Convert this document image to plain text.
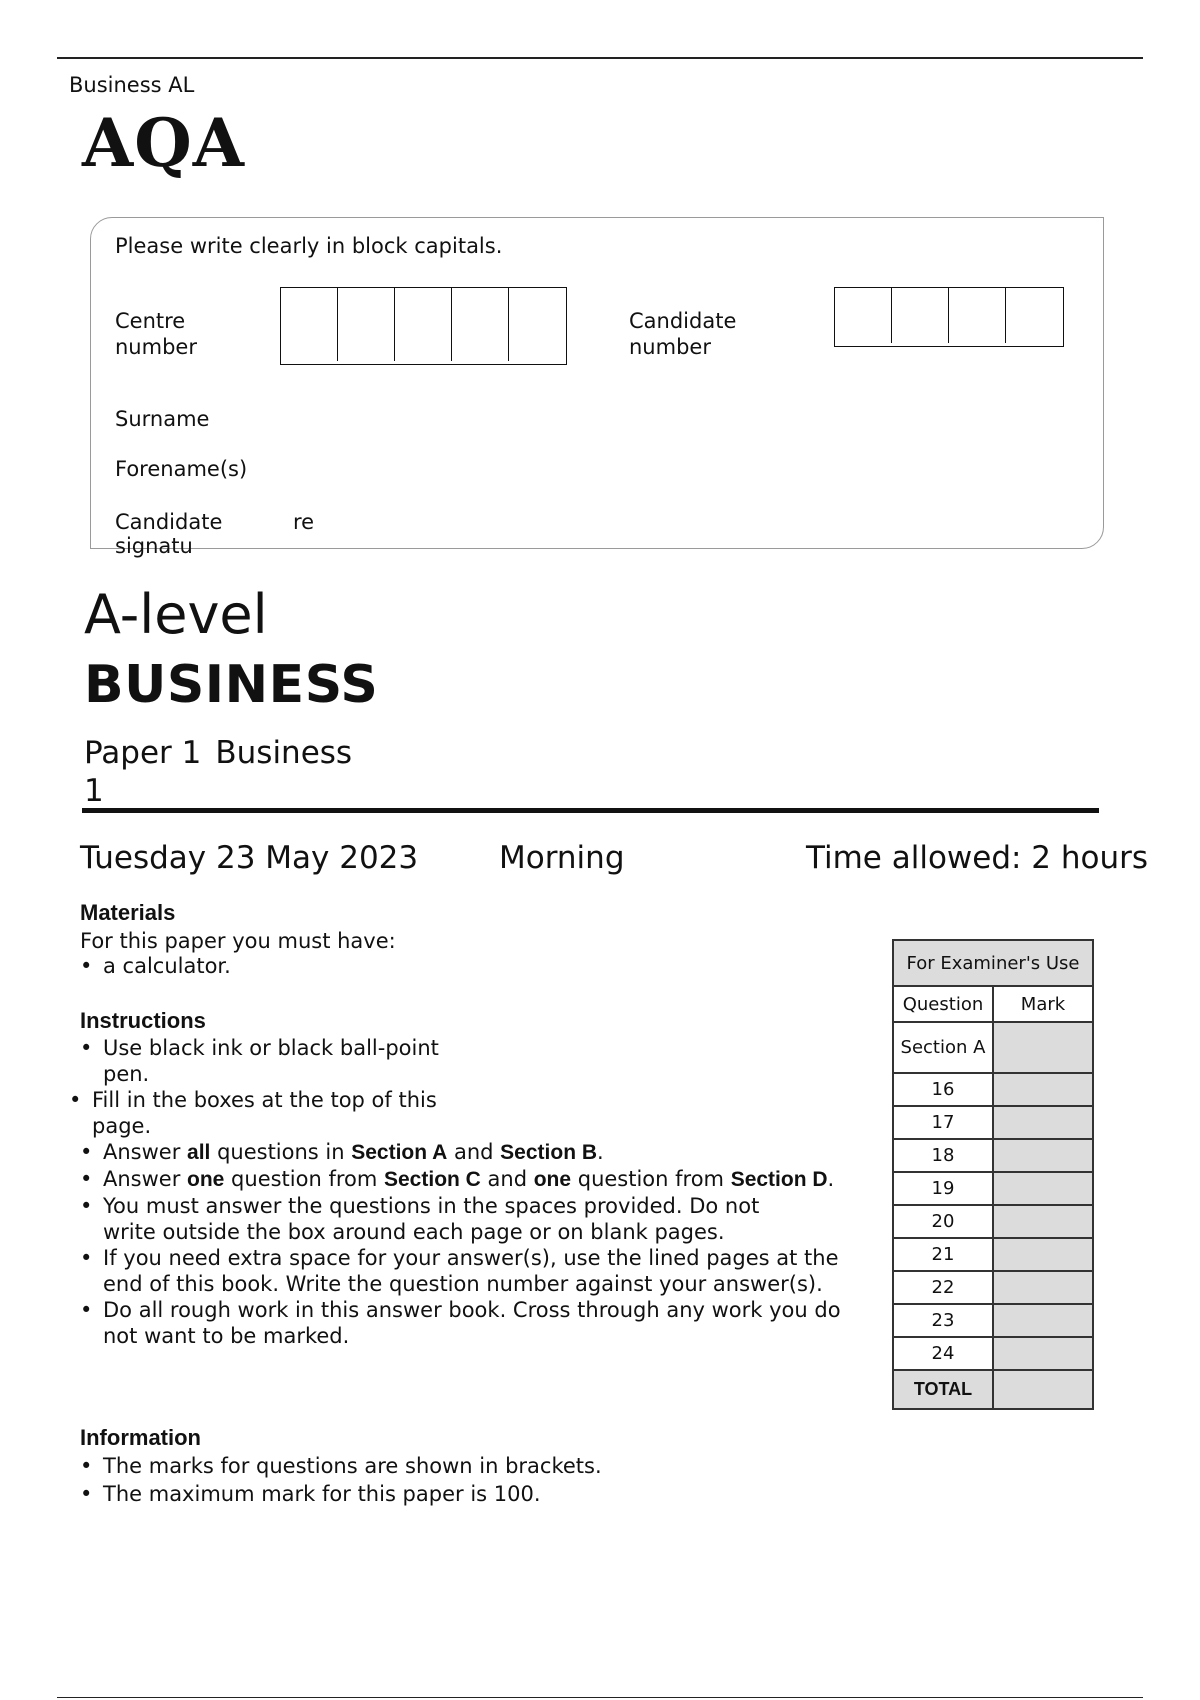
Business AL
AQA
Please write clearly in block capitals.
Centre
number
Candidate
number
Surname
Forename(s)
Candidate	re
signatu
A-level
BUSINESS
Paper 1 Business
1
Tuesday 23 May 2023	Morning	Time allowed: 2 hours
Materials
For this paper you must have:
• a calculator.
Instructions
• Use black ink or black ball-point pen.
• Fill in the boxes at the top of this page.
• Answer all questions in Section A and Section B.
• Answer one question from Section C and one question from Section D.
• You must answer the questions in the spaces provided. Do not write outside the box around each page or on blank pages.
• If you need extra space for your answer(s), use the lined pages at the end of this book. Write the question number against your answer(s).
• Do all rough work in this answer book. Cross through any work you do not want to be marked.
Information
• The marks for questions are shown in brackets.
• The maximum mark for this paper is 100.
For Examiner's Use	
Question	Mark
Section A	
16	
17	
18	
19	
20	
21	
22	
23	
24	
TOTAL	
